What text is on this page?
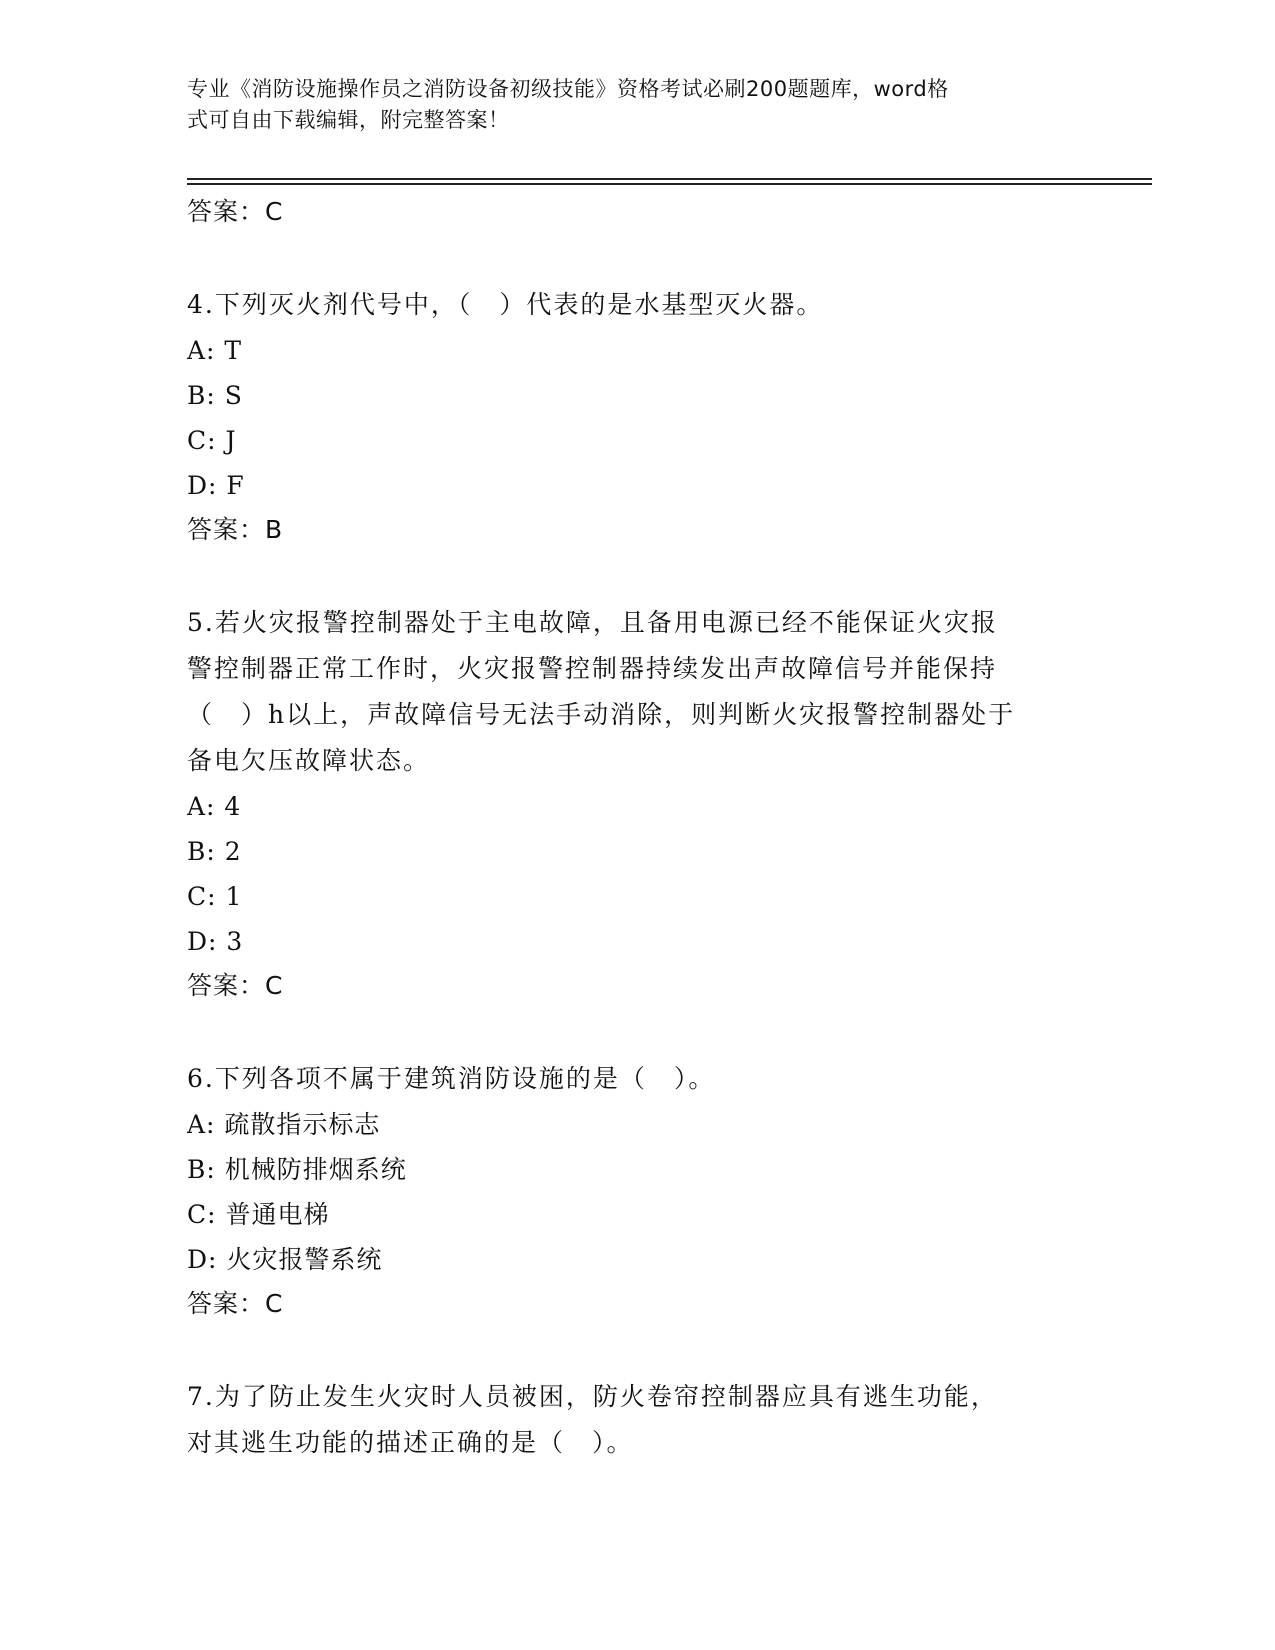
专业《消防设施操作员之消防设备初级技能》资格考试必刷200题题库，word格
式可自由下载编辑，附完整答案！
答案：C
4.下列灭火剂代号中，（　）代表的是水基型灭火器。
A: T
B: S
C: J
D: F
答案：B
5.若火灾报警控制器处于主电故障，且备用电源已经不能保证火灾报
警控制器正常工作时，火灾报警控制器持续发出声故障信号并能保持
（　）h以上，声故障信号无法手动消除，则判断火灾报警控制器处于
备电欠压故障状态。
A: 4
B: 2
C: 1
D: 3
答案：C
6.下列各项不属于建筑消防设施的是（　）。
A: 疏散指示标志
B: 机械防排烟系统
C: 普通电梯
D: 火灾报警系统
答案：C
7.为了防止发生火灾时人员被困，防火卷帘控制器应具有逃生功能，
对其逃生功能的描述正确的是（　）。
